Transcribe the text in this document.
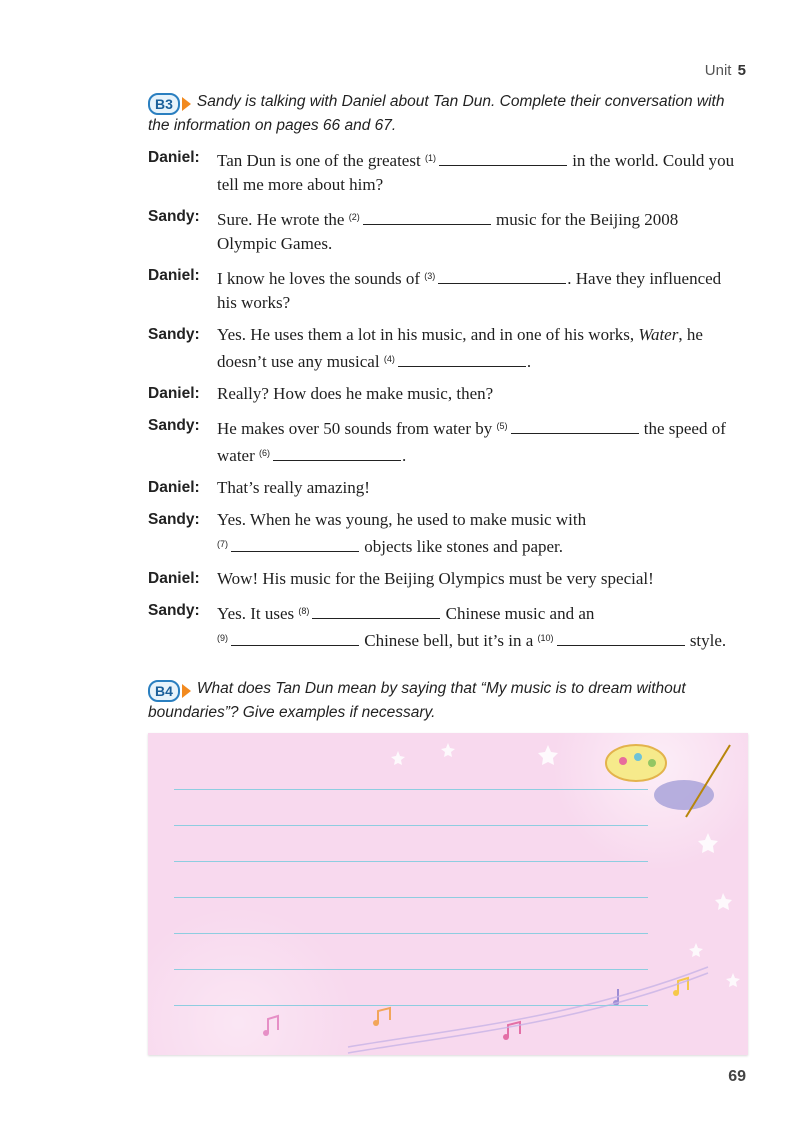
Unit 5
B3	Sandy is talking with Daniel about Tan Dun. Complete their conversation with the information on pages 66 and 67.
Daniel:	Tan Dun is one of the greatest $^{(1)}$	in the world. Could you tell me more about him?
Sandy:	Sure. He wrote the $^{(2)}$	music for the Beijing 2008 Olympic Games.
Daniel:	I know he loves the sounds of $^{(3)}$	. Have they influenced his works?
Sandy:	Yes. He uses them a lot in his music, and in one of his works, Water, he doesn’t use any musical $^{(4)}$	.
Daniel:	Really? How does he make music, then?
Sandy:	He makes over 50 sounds from water by $^{(5)}$	the speed of water $^{(6)}$	.
Daniel:	That’s really amazing!
Sandy:	Yes. When he was young, he used to make music with
$^{(7)}$	objects like stones and paper.
Daniel:	Wow! His music for the Beijing Olympics must be very special!
Sandy:	Yes. It uses $^{(8)}$	Chinese music and an
$^{(9)}$	Chinese bell, but it’s in a $^{(10)}$	style.
B4	What does Tan Dun mean by saying that “My music is to dream without boundaries”? Give examples if necessary.
69
